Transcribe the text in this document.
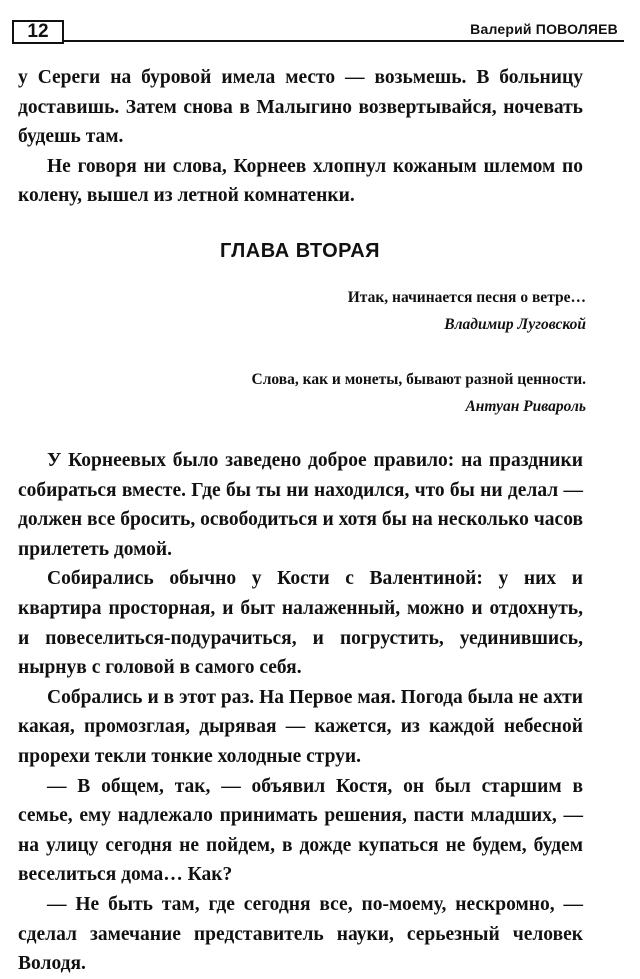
12	Валерий ПОВОЛЯЕВ

у Сереги на буровой имела место — возьмешь. В больницу доставишь. Затем снова в Малыгино возвертывайся, ночевать будешь там.

Не говоря ни слова, Корнеев хлопнул кожаным шлемом по колену, вышел из летной комнатенки.

ГЛАВА ВТОРАЯ
Итак, начинается песня о ветре…
Владимир Луговской
Слова, как и монеты, бывают разной ценности.
Антуан Ривароль

У Корнеевых было заведено доброе правило: на праздники собираться вместе. Где бы ты ни находился, что бы ни делал — должен все бросить, освободиться и хотя бы на несколько часов прилететь домой.

Собирались обычно у Кости с Валентиной: у них и квартира просторная, и быт налаженный, можно и отдохнуть, и повеселиться-подурачиться, и погрустить, уединившись, нырнув с головой в самого себя.

Собрались и в этот раз. На Первое мая. Погода была не ахти какая, промозглая, дырявая — кажется, из каждой небесной прорехи текли тонкие холодные струи.

— В общем, так, — объявил Костя, он был старшим в семье, ему надлежало принимать решения, пасти младших, — на улицу сегодня не пойдем, в дожде купаться не будем, будем веселиться дома… Как?

— Не быть там, где сегодня все, по-моему, нескромно, — сделал замечание представитель науки, серьезный человек Володя.
